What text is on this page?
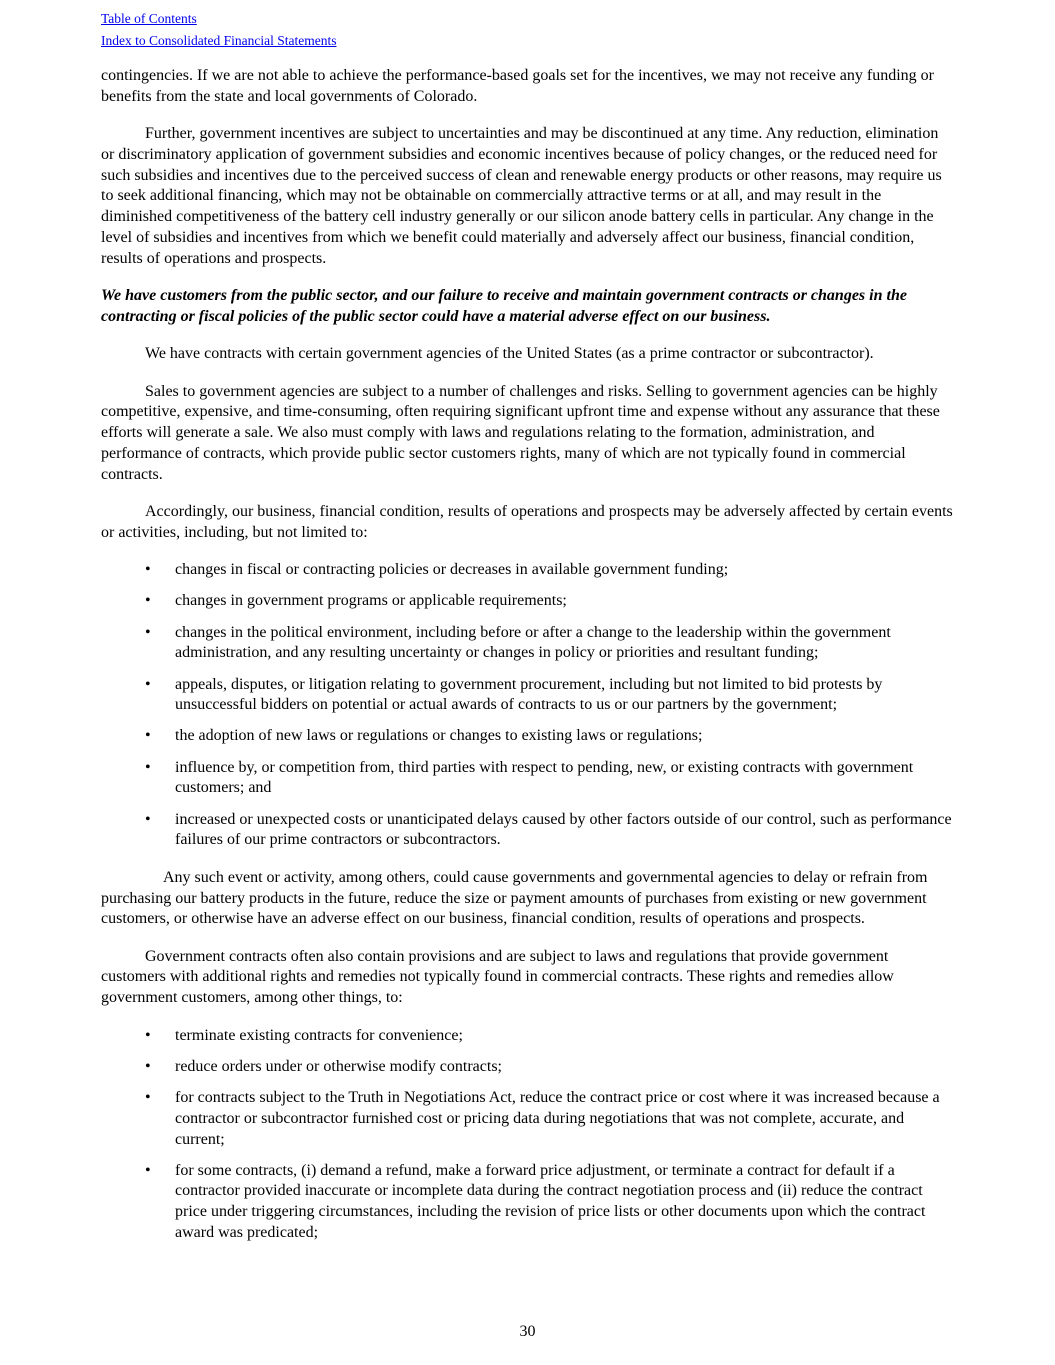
Table of Contents
Index to Consolidated Financial Statements

contingencies. If we are not able to achieve the performance-based goals set for the incentives, we may not receive any funding or benefits from the state and local governments of Colorado.

Further, government incentives are subject to uncertainties and may be discontinued at any time. Any reduction, elimination or discriminatory application of government subsidies and economic incentives because of policy changes, or the reduced need for such subsidies and incentives due to the perceived success of clean and renewable energy products or other reasons, may require us to seek additional financing, which may not be obtainable on commercially attractive terms or at all, and may result in the diminished competitiveness of the battery cell industry generally or our silicon anode battery cells in particular. Any change in the level of subsidies and incentives from which we benefit could materially and adversely affect our business, financial condition, results of operations and prospects.

We have customers from the public sector, and our failure to receive and maintain government contracts or changes in the contracting or fiscal policies of the public sector could have a material adverse effect on our business.

We have contracts with certain government agencies of the United States (as a prime contractor or subcontractor).

Sales to government agencies are subject to a number of challenges and risks. Selling to government agencies can be highly competitive, expensive, and time-consuming, often requiring significant upfront time and expense without any assurance that these efforts will generate a sale. We also must comply with laws and regulations relating to the formation, administration, and performance of contracts, which provide public sector customers rights, many of which are not typically found in commercial contracts.

Accordingly, our business, financial condition, results of operations and prospects may be adversely affected by certain events or activities, including, but not limited to:

• changes in fiscal or contracting policies or decreases in available government funding;
• changes in government programs or applicable requirements;
• changes in the political environment, including before or after a change to the leadership within the government administration, and any resulting uncertainty or changes in policy or priorities and resultant funding;
• appeals, disputes, or litigation relating to government procurement, including but not limited to bid protests by unsuccessful bidders on potential or actual awards of contracts to us or our partners by the government;
• the adoption of new laws or regulations or changes to existing laws or regulations;
• influence by, or competition from, third parties with respect to pending, new, or existing contracts with government customers; and
• increased or unexpected costs or unanticipated delays caused by other factors outside of our control, such as performance failures of our prime contractors or subcontractors.

Any such event or activity, among others, could cause governments and governmental agencies to delay or refrain from purchasing our battery products in the future, reduce the size or payment amounts of purchases from existing or new government customers, or otherwise have an adverse effect on our business, financial condition, results of operations and prospects.

Government contracts often also contain provisions and are subject to laws and regulations that provide government customers with additional rights and remedies not typically found in commercial contracts. These rights and remedies allow government customers, among other things, to:

• terminate existing contracts for convenience;
• reduce orders under or otherwise modify contracts;
• for contracts subject to the Truth in Negotiations Act, reduce the contract price or cost where it was increased because a contractor or subcontractor furnished cost or pricing data during negotiations that was not complete, accurate, and current;
• for some contracts, (i) demand a refund, make a forward price adjustment, or terminate a contract for default if a contractor provided inaccurate or incomplete data during the contract negotiation process and (ii) reduce the contract price under triggering circumstances, including the revision of price lists or other documents upon which the contract award was predicated;
30
